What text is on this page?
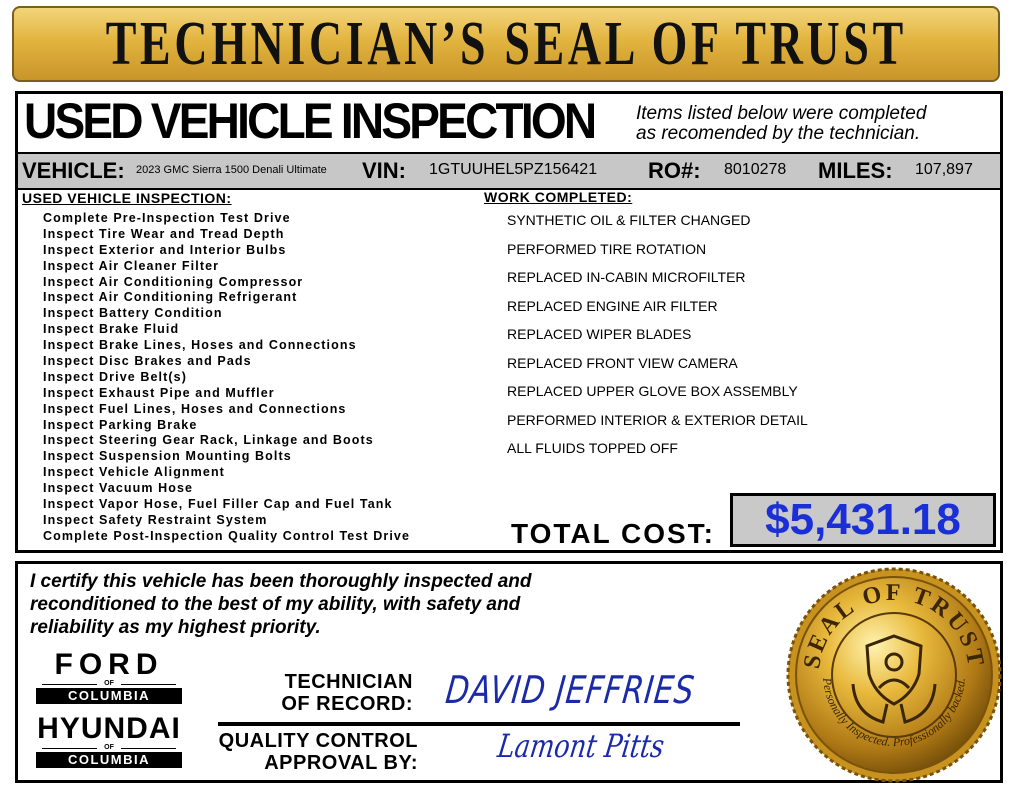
TECHNICIAN’S SEAL OF TRUST
USED VEHICLE INSPECTION Items listed below were completed
as recomended by the technician.
VEHICLE: 2023 GMC Sierra 1500 Denali Ultimate VIN: 1GTUUHEL5PZ156421 RO#: 8010278 MILES: 107,897
USED VEHICLE INSPECTION:
Complete Pre-Inspection Test Drive
Inspect Tire Wear and Tread Depth
Inspect Exterior and Interior Bulbs
Inspect Air Cleaner Filter
Inspect Air Conditioning Compressor
Inspect Air Conditioning Refrigerant
Inspect Battery Condition
Inspect Brake Fluid
Inspect Brake Lines, Hoses and Connections
Inspect Disc Brakes and Pads
Inspect Drive Belt(s)
Inspect Exhaust Pipe and Muffler
Inspect Fuel Lines, Hoses and Connections
Inspect Parking Brake
Inspect Steering Gear Rack, Linkage and Boots
Inspect Suspension Mounting Bolts
Inspect Vehicle Alignment
Inspect Vacuum Hose
Inspect Vapor Hose, Fuel Filler Cap and Fuel Tank
Inspect Safety Restraint System
Complete Post-Inspection Quality Control Test Drive
WORK COMPLETED:
SYNTHETIC OIL & FILTER CHANGED
PERFORMED TIRE ROTATION
REPLACED IN-CABIN MICROFILTER
REPLACED ENGINE AIR FILTER
REPLACED WIPER BLADES
REPLACED FRONT VIEW CAMERA
REPLACED UPPER GLOVE BOX ASSEMBLY
PERFORMED INTERIOR & EXTERIOR DETAIL
ALL FLUIDS TOPPED OFF
TOTAL COST:	$5,431.18
I certify this vehicle has been thoroughly inspected and
reconditioned to the best of my ability, with safety and
reliability as my highest priority.
FORD
OF
COLUMBIA
HYUNDAI
OF
COLUMBIA
TECHNICIAN
OF RECORD: DAVID JEFFRIES
QUALITY CONTROL
APPROVAL BY: Lamont Pitts
SEAL OF TRUST
Personally Inspected. Professionally backed.
